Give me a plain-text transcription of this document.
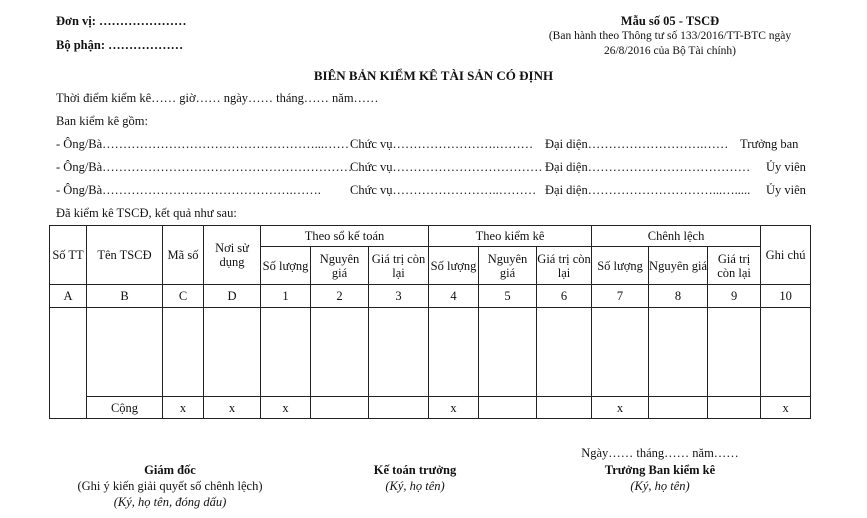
Đơn vị: …………………
Bộ phận: ………………
Mẫu số 05 - TSCĐ
(Ban hành theo Thông tư số 133/2016/TT-BTC ngày
26/8/2016 của Bộ Tài chính)
BIÊN BẢN KIỂM KÊ TÀI SẢN CÓ ĐỊNH
Thời điểm kiểm kê…… giờ…… ngày…… tháng…… năm……
Ban kiểm kê gồm:
- Ông/Bà……………………………………………...…… Chức vụ…………………….……… Đại diện……………………….…… Trưởng ban
- Ông/Bà……………………………………………………
Chức vụ……………………………… Đại diện………………………………… Ủy viên
- Ông/Bà……………………………………….……. Chức vụ……………………..……… Đại diện…………………………...…..... Ủy viên
Đã kiểm kê TSCĐ, kết quả như sau:
Số TT	Tên TSCĐ	Mã số	Nơi sử dụng	Theo sổ kế toán			Theo kiểm kê			Chênh lệch			Ghi chú
				Số lượng	Nguyên giá	Giá trị còn lại	Số lượng	Nguyên giá	Giá trị còn lại	Số lượng	Nguyên giá	Giá trị còn lại	
A	B	C	D	1	2	3	4	5	6	7	8	9	10

	Cộng	x	x	x			x			x			x
Ngày…… tháng…… năm……
Giám đốc
(Ghi ý kiến giải quyết số chênh lệch)
(Ký, họ tên, đóng dấu)
Kế toán trưởng
(Ký, họ tên)
Trưởng Ban kiểm kê
(Ký, họ tên)
